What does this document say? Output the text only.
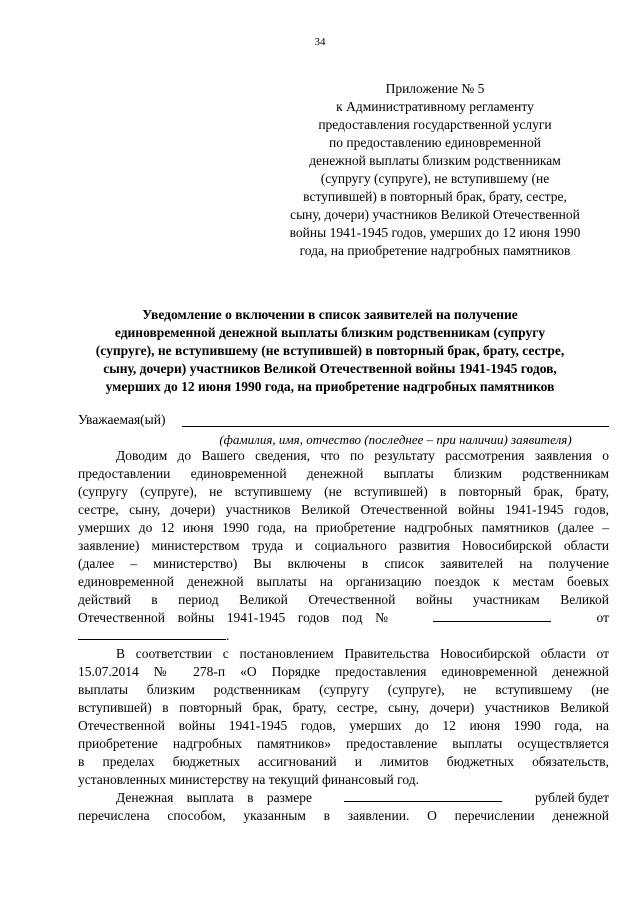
34
Приложение № 5
к Административному регламенту
предоставления государственной услуги
по предоставлению единовременной
денежной выплаты близким родственникам
(супругу (супруге), не вступившему (не
вступившей) в повторный брак, брату, сестре,
сыну, дочери) участников Великой Отечественной
войны 1941-1945 годов, умерших до 12 июня 1990
года, на приобретение надгробных памятников
Уведомление о включении в список заявителей на получение
единовременной денежной выплаты близким родственникам (супругу
(супруге), не вступившему (не вступившей) в повторный брак, брату, сестре,
сыну, дочери) участников Великой Отечественной войны 1941-1945 годов,
умерших до 12 июня 1990 года, на приобретение надгробных памятников
Уважаемая(ый)
(фамилия, имя, отчество (последнее – при наличии) заявителя)

Доводим до Вашего сведения, что по результату рассмотрения заявления о
предоставлении единовременной денежной выплаты близким родственникам
(супругу (супруге), не вступившему (не вступившей) в повторный брак, брату,
сестре, сыну, дочери) участников Великой Отечественной войны 1941-1945 годов,
умерших до 12 июня 1990 года, на приобретение надгробных памятников (далее –
заявление) министерством труда и социального развития Новосибирской области
(далее – министерство) Вы включены в список заявителей на получение
единовременной денежной выплаты на организацию поездок к местам боевых
действий в период Великой Отечественной войны участникам Великой
Отечественной войны 1941-1945 годов под №	от
.

В соответствии с постановлением Правительства Новосибирской области от
15.07.2014 № 278-п «О Порядке предоставления единовременной денежной
выплаты близким родственникам (супругу (супруге), не вступившему (не
вступившей) в повторный брак, брату, сестре, сыну, дочери) участников Великой
Отечественной войны 1941-1945 годов, умерших до 12 июня 1990 года, на
приобретение надгробных памятников» предоставление выплаты осуществляется
в пределах бюджетных ассигнований и лимитов бюджетных обязательств,
установленных министерству на текущий финансовый год.

Денежная выплата в размере	рублей будет
перечислена способом, указанным в заявлении. О перечислении денежной
